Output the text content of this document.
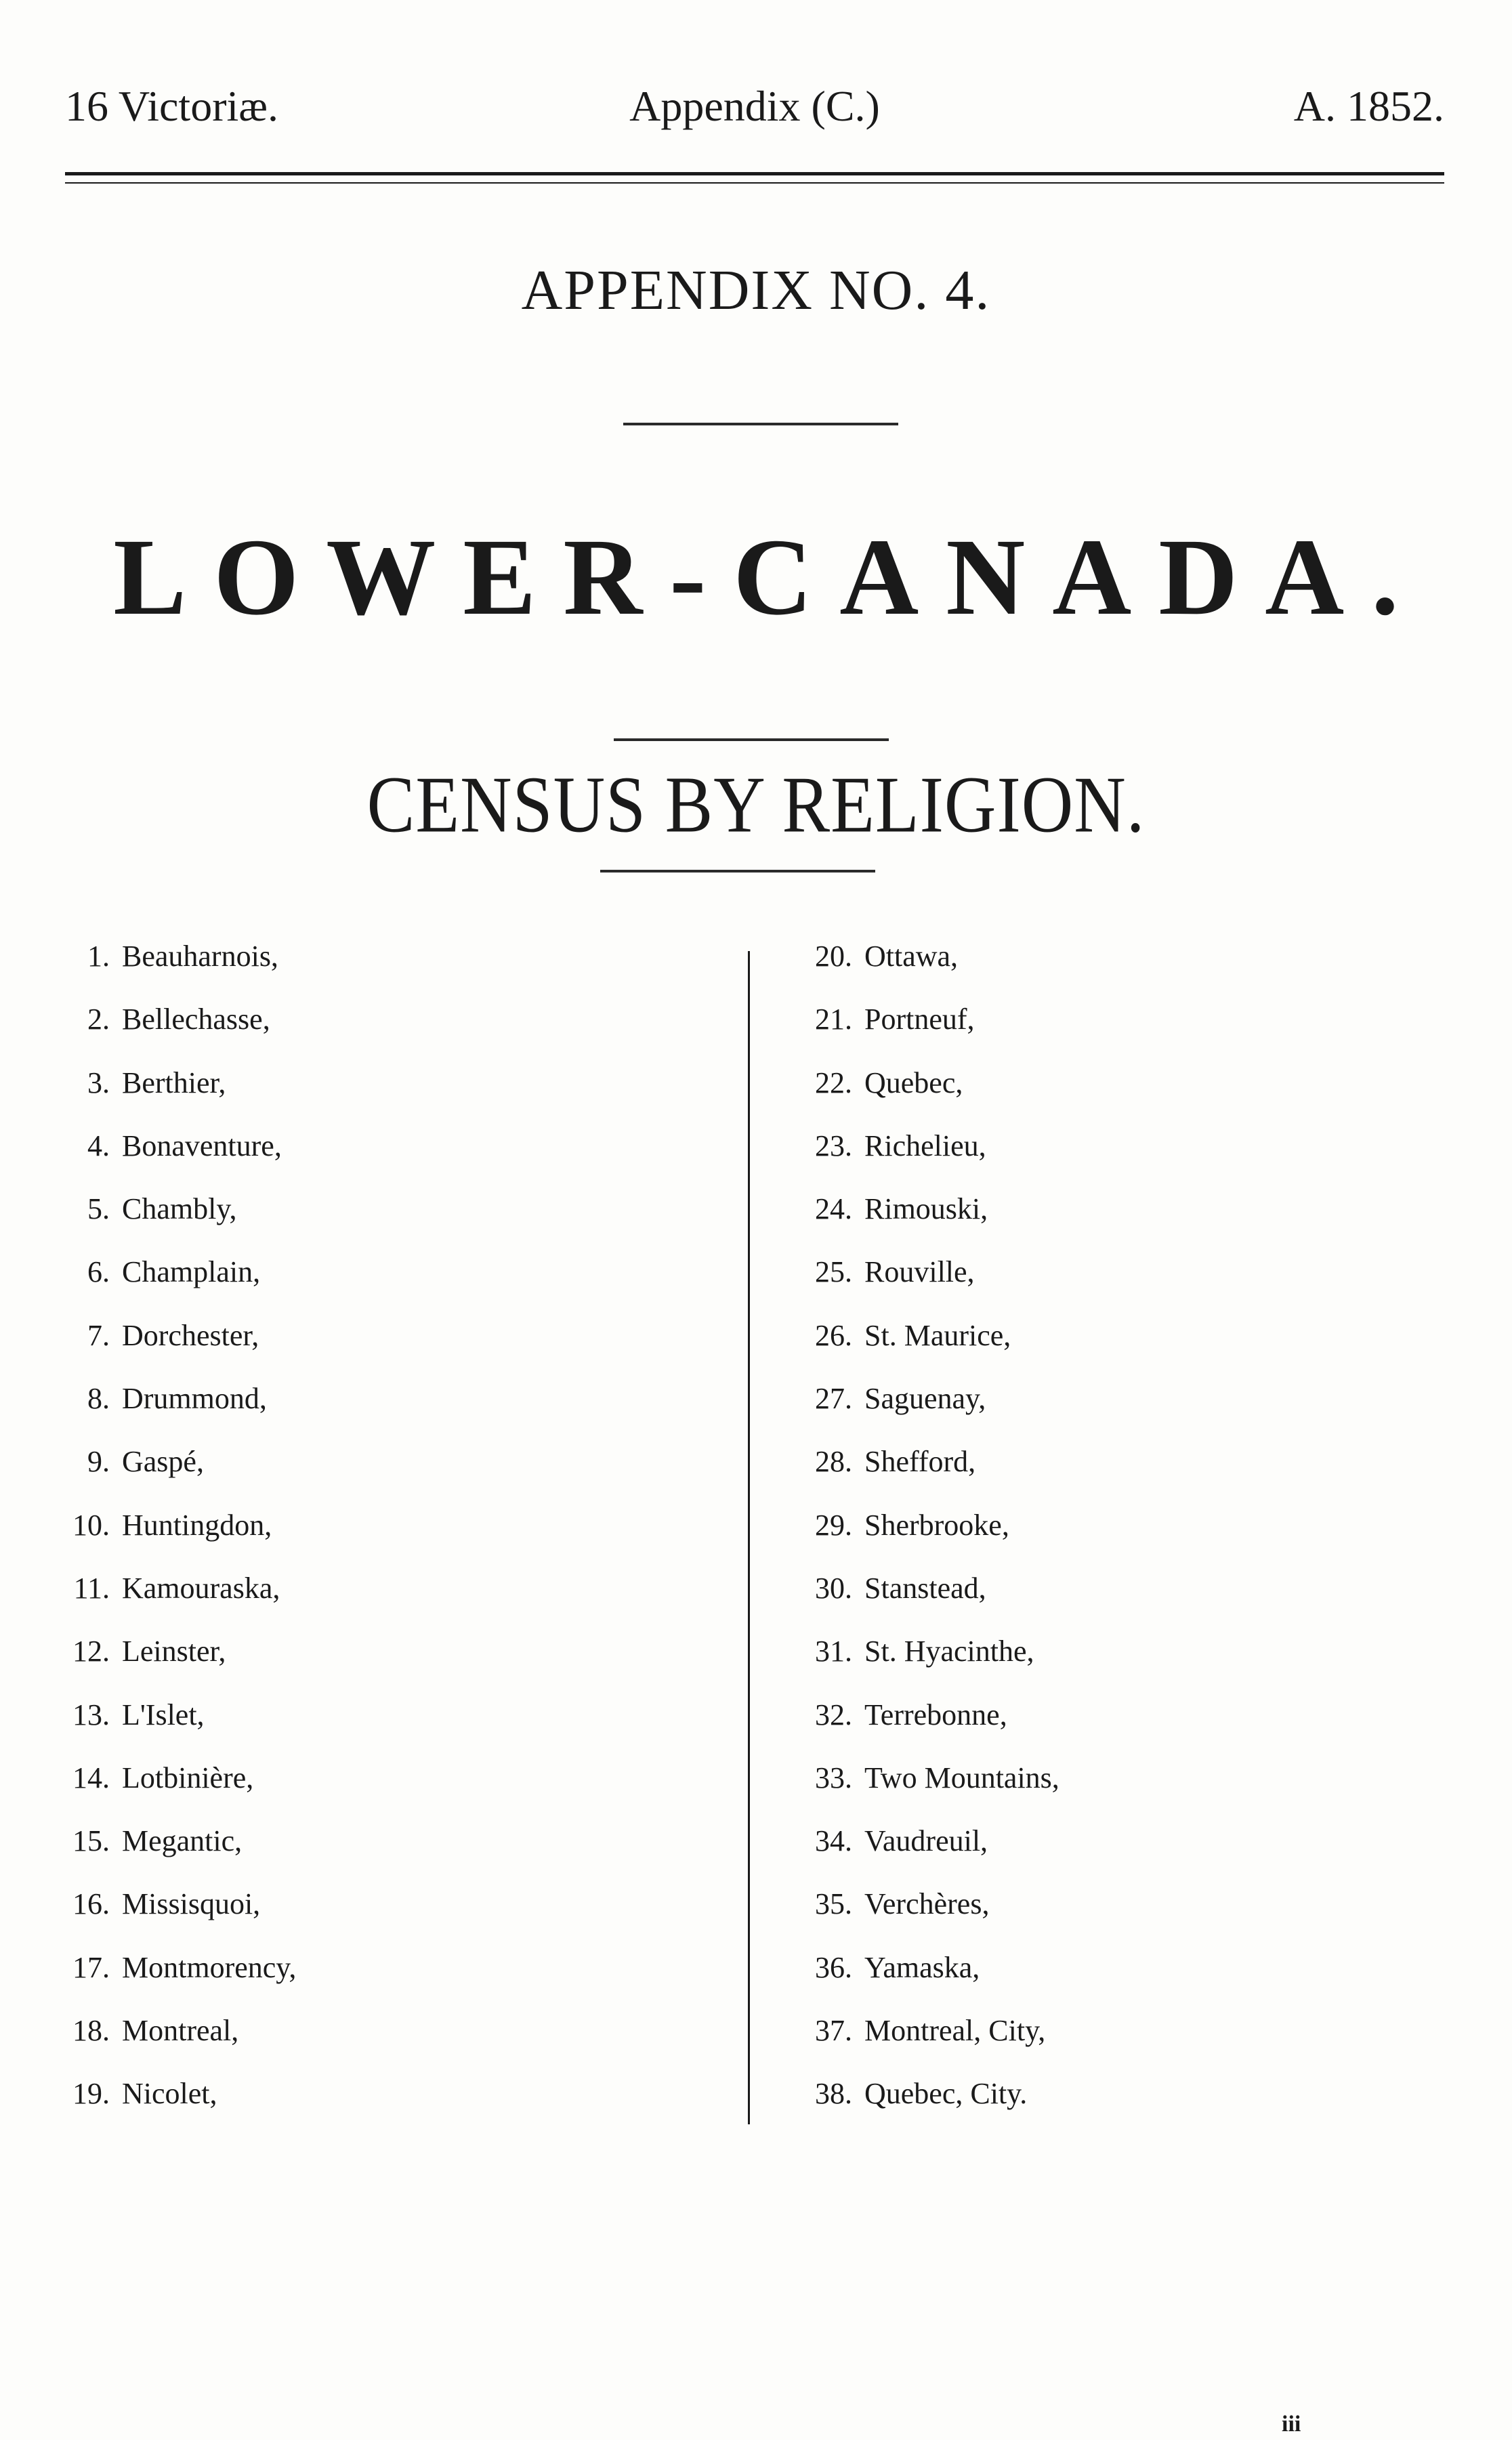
16 Victoriæ.	Appendix (C.)	A. 1852.
APPENDIX NO. 4.
LOWER-CANADA.
CENSUS BY RELIGION.
1. Beauharnois,
2. Bellechasse,
3. Berthier,
4. Bonaventure,
5. Chambly,
6. Champlain,
7. Dorchester,
8. Drummond,
9. Gaspé,
10. Huntingdon,
11. Kamouraska,
12. Leinster,
13. L'Islet,
14. Lotbinière,
15. Megantic,
16. Missisquoi,
17. Montmorency,
18. Montreal,
19. Nicolet,
20. Ottawa,
21. Portneuf,
22. Quebec,
23. Richelieu,
24. Rimouski,
25. Rouville,
26. St. Maurice,
27. Saguenay,
28. Shefford,
29. Sherbrooke,
30. Stanstead,
31. St. Hyacinthe,
32. Terrebonne,
33. Two Mountains,
34. Vaudreuil,
35. Verchères,
36. Yamaska,
37. Montreal, City,
38. Quebec, City.
iii
